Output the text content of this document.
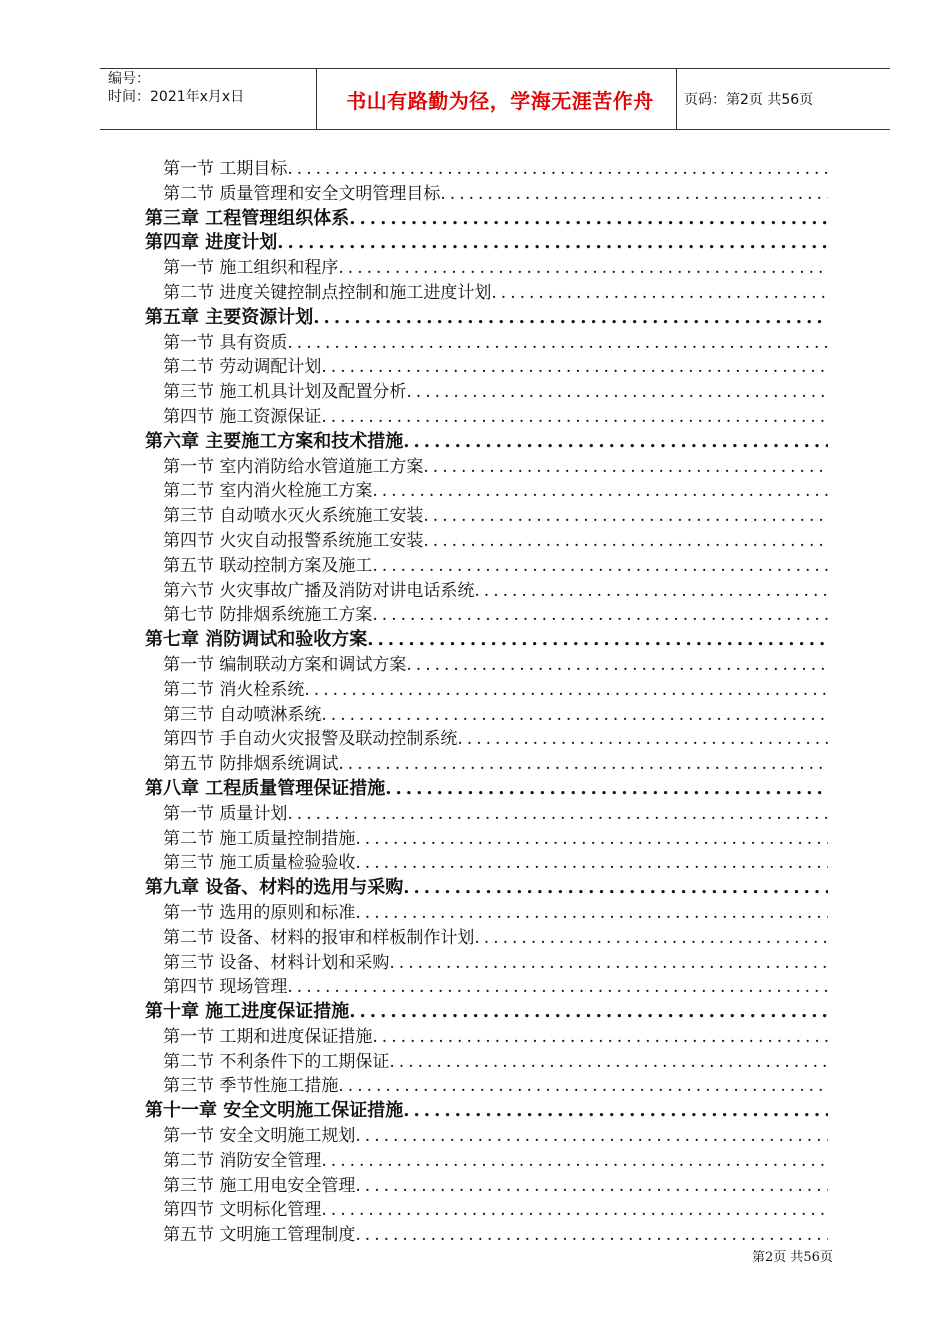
编号：
时间：2021年x月x日	书山有路勤为径，学海无涯苦作舟	页码：第2页 共56页
第一节 工期目标
.....
第二节 质量管理和安全文明管理目标
.....
第三章 工程管理组织体系
.....
第四章 进度计划
.....
第一节 施工组织和程序
.....
第二节 进度关键控制点控制和施工进度计划
.....
第五章 主要资源计划
.....
第一节 具有资质
.....
第二节 劳动调配计划
.....
第三节 施工机具计划及配置分析
.....
第四节 施工资源保证
.....
第六章 主要施工方案和技术措施
.....
第一节 室内消防给水管道施工方案
.....
第二节 室内消火栓施工方案
.....
第三节 自动喷水灭火系统施工安装
.....
第四节 火灾自动报警系统施工安装
.....
第五节 联动控制方案及施工
.....
第六节 火灾事故广播及消防对讲电话系统
.....
第七节 防排烟系统施工方案
.....
第七章 消防调试和验收方案
.....
第一节 编制联动方案和调试方案
.....
第二节 消火栓系统
.....
第三节 自动喷淋系统
.....
第四节 手自动火灾报警及联动控制系统
.....
第五节 防排烟系统调试
.....
第八章 工程质量管理保证措施
.....
第一节 质量计划
.....
第二节 施工质量控制措施
.....
第三节 施工质量检验验收
.....
第九章 设备、材料的选用与采购
.....
第一节 选用的原则和标准
.....
第二节 设备、材料的报审和样板制作计划
.....
第三节 设备、材料计划和采购
.....
第四节 现场管理
.....
第十章 施工进度保证措施
.....
第一节 工期和进度保证措施
.....
第二节 不利条件下的工期保证
.....
第三节 季节性施工措施
.....
第十一章 安全文明施工保证措施
.....
第一节 安全文明施工规划
.....
第二节 消防安全管理
.....
第三节 施工用电安全管理
.....
第四节 文明标化管理
.....
第五节 文明施工管理制度
.....
第2页 共56页
